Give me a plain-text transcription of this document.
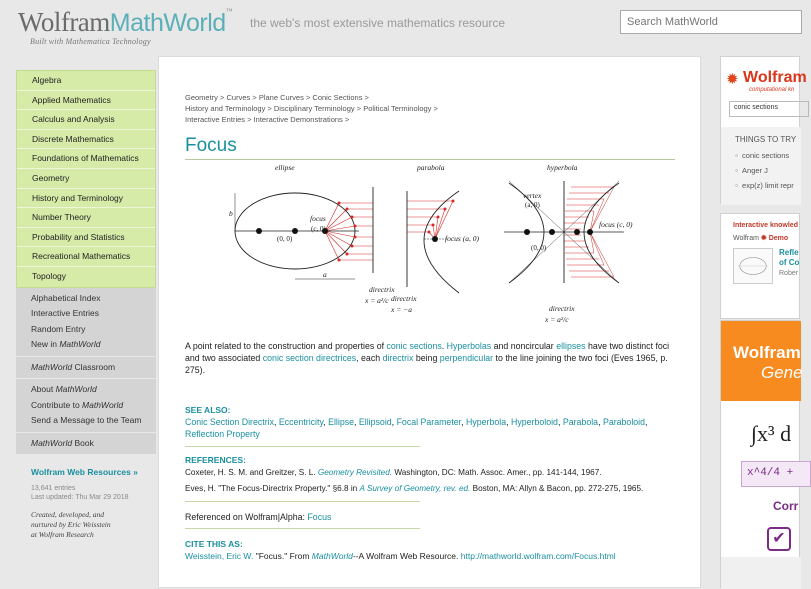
WolframMathWorld™
Built with Mathematica Technology
the web's most extensive mathematics resource
Search MathWorld
Algebra
Applied Mathematics
Calculus and Analysis
Discrete Mathematics
Foundations of Mathematics
Geometry
History and Terminology
Number Theory
Probability and Statistics
Recreational Mathematics
Topology
Alphabetical Index
Interactive Entries
Random Entry
New in MathWorld
MathWorld Classroom
About MathWorld
Contribute to MathWorld
Send a Message to the Team
MathWorld Book
Wolfram Web Resources »
13,641 entries
Last updated: Thu Mar 29 2018
Created, developed, and
nurtured by Eric Weisstein
at Wolfram Research
Geometry > Curves > Plane Curves > Conic Sections >
History and Terminology > Disciplinary Terminology > Political Terminology >
Interactive Entries > Interactive Demonstrations >
Focus
ellipse
b
(0, 0)
focus
(c, 0)
a
directrix
x = a²/c
parabola
focus (a, 0)
directrix
x = −a
hyperbola
vertex
(a, 0)
(0, 0)
focus (c, 0)
directrix
x = a²/c
A point related to the construction and properties of conic sections. Hyperbolas and noncircular ellipses have two distinct foci and two associated conic section directrices, each directrix being perpendicular to the line joining the two foci (Eves 1965, p. 275).
SEE ALSO:
Conic Section Directrix, Eccentricity, Ellipse, Ellipsoid, Focal Parameter, Hyperbola, Hyperboloid, Parabola, Paraboloid, Reflection Property
REFERENCES:
Coxeter, H. S. M. and Greitzer, S. L. Geometry Revisited. Washington, DC: Math. Assoc. Amer., pp. 141-144, 1967.
Eves, H. "The Focus-Directrix Property." §6.8 in A Survey of Geometry, rev. ed. Boston, MA: Allyn & Bacon, pp. 272-275, 1965.
Referenced on Wolfram|Alpha: Focus
CITE THIS AS:
Weisstein, Eric W. "Focus." From MathWorld--A Wolfram Web Resource. http://mathworld.wolfram.com/Focus.html
✹ Wolfram
computational kn
conic sections
THINGS TO TRY
○ conic sections
○ Anger J
○ exp(z) limit repr
Interactive knowled
Wolfram ✹ Demo
Refle
of Co
Rober
Wolfram
Gene
∫x³ d
x^4/4 +
Corr
✔
